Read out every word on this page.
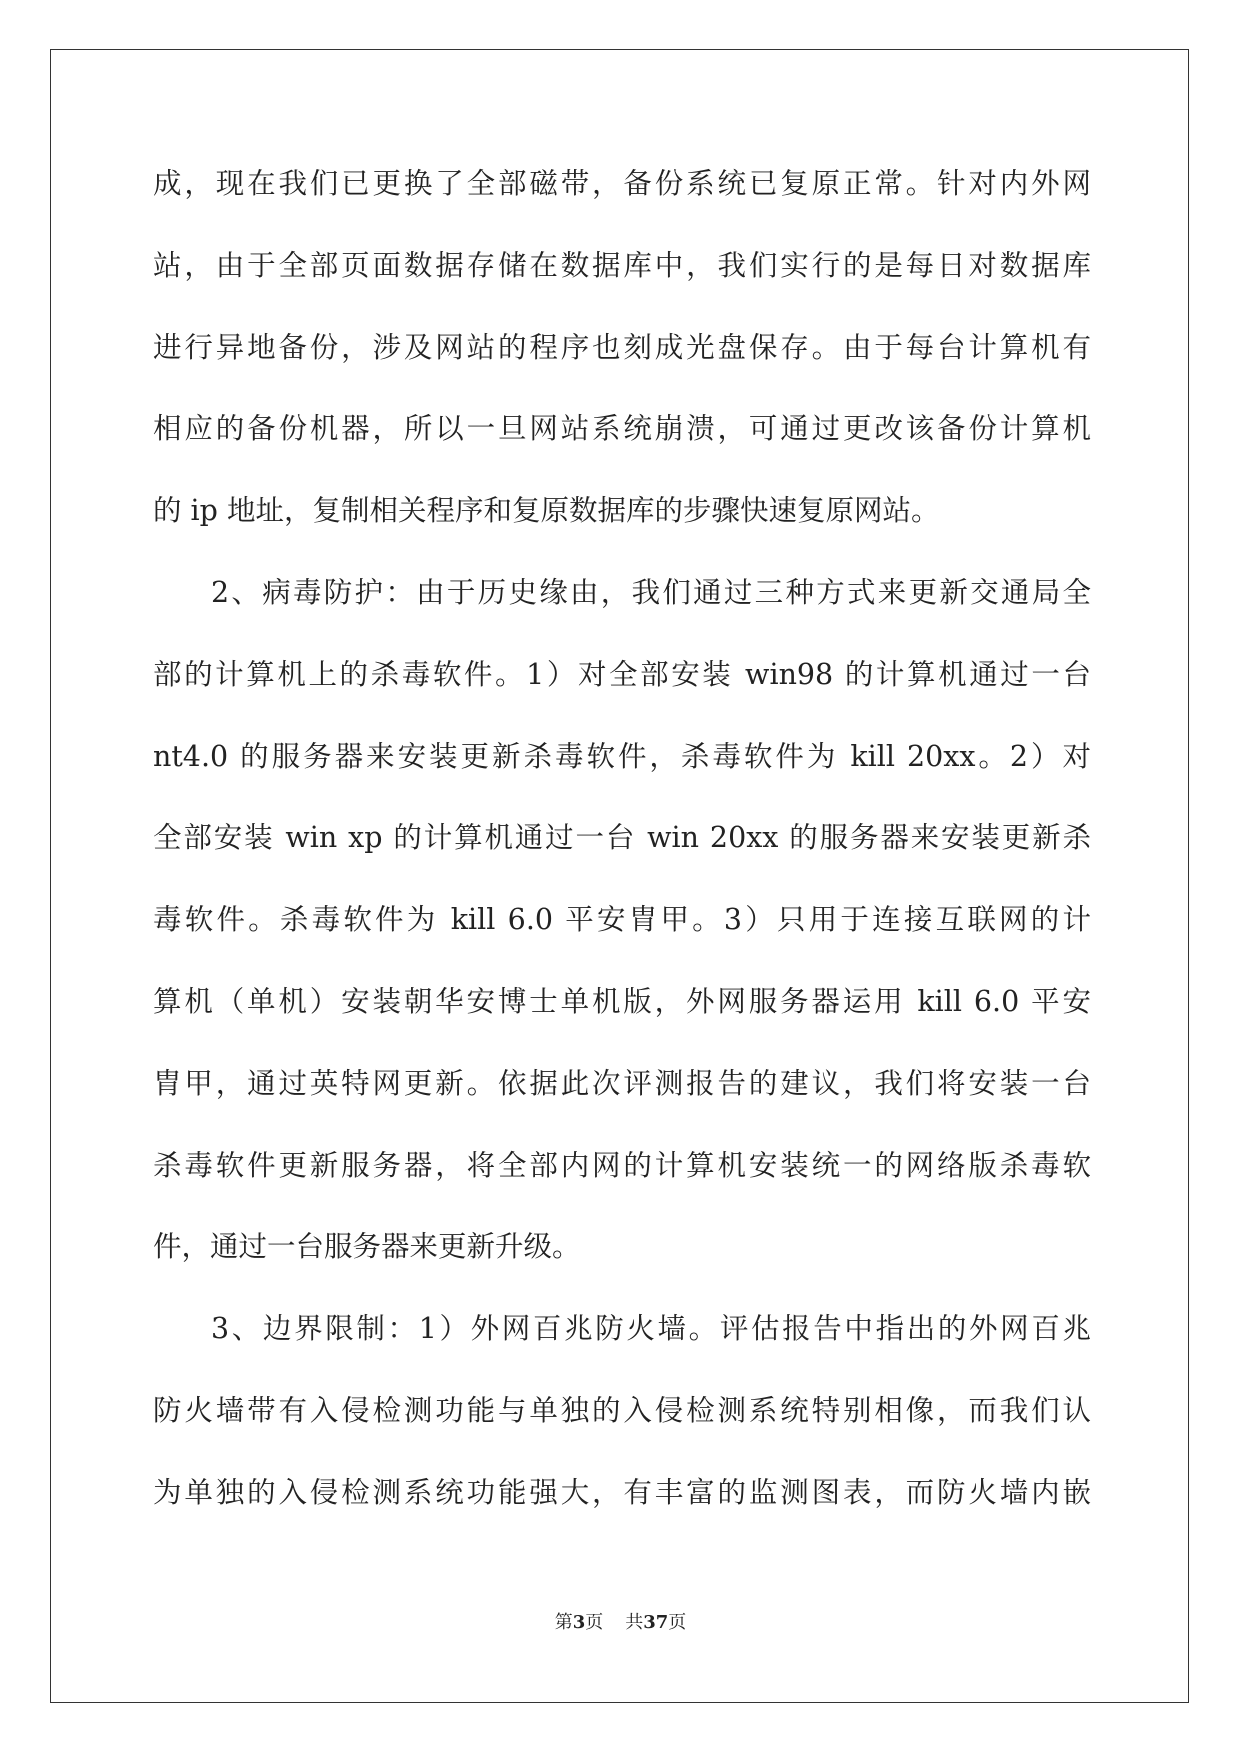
成，现在我们已更换了全部磁带，备份系统已复原正常。针对内外网
站，由于全部页面数据存储在数据库中，我们实行的是每日对数据库
进行异地备份，涉及网站的程序也刻成光盘保存。由于每台计算机有
相应的备份机器，所以一旦网站系统崩溃，可通过更改该备份计算机
的 ip 地址，复制相关程序和复原数据库的步骤快速复原网站。
2、病毒防护：由于历史缘由，我们通过三种方式来更新交通局全
部的计算机上的杀毒软件。1）对全部安装 win98 的计算机通过一台
nt4.0 的服务器来安装更新杀毒软件，杀毒软件为 kill 20xx。2）对
全部安装 win xp 的计算机通过一台 win 20xx 的服务器来安装更新杀
毒软件。杀毒软件为 kill 6.0 平安胄甲。3）只用于连接互联网的计
算机（单机）安装朝华安博士单机版，外网服务器运用 kill 6.0 平安
胄甲，通过英特网更新。依据此次评测报告的建议，我们将安装一台
杀毒软件更新服务器，将全部内网的计算机安装统一的网络版杀毒软
件，通过一台服务器来更新升级。
3、边界限制：1）外网百兆防火墙。评估报告中指出的外网百兆
防火墙带有入侵检测功能与单独的入侵检测系统特别相像，而我们认
为单独的入侵检测系统功能强大，有丰富的监测图表，而防火墙内嵌
第3页 共37页
